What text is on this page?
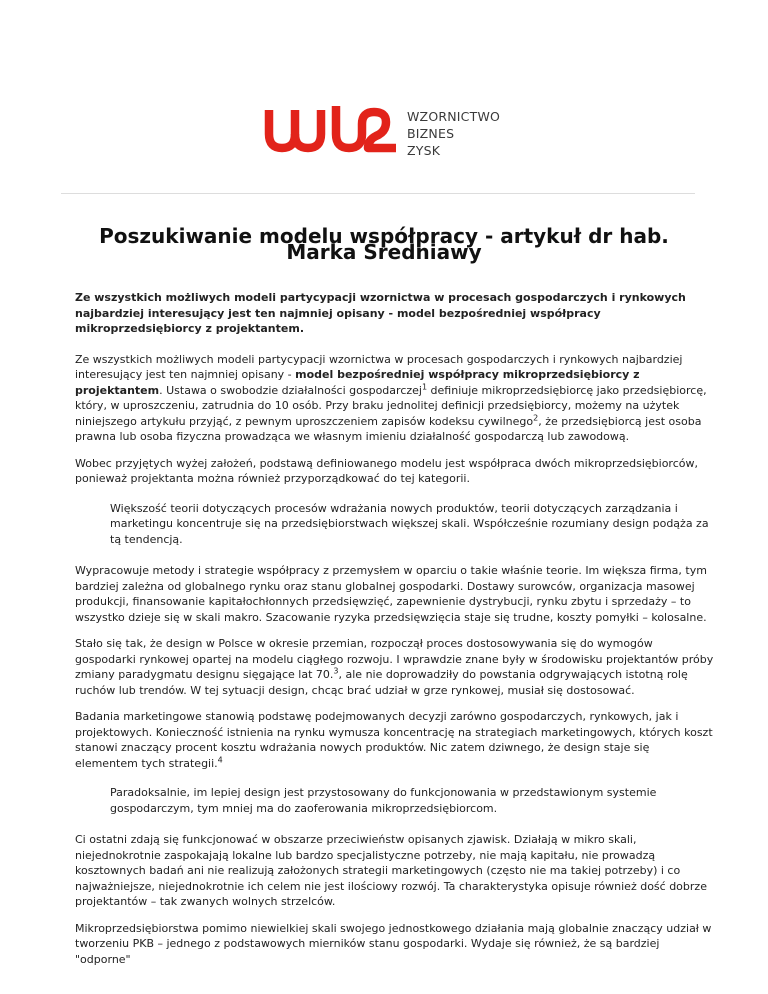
WZORNICTWO
BIZNES
ZYSK
Poszukiwanie modelu współpracy - artykuł dr hab. Marka Średniawy

Ze wszystkich możliwych modeli partycypacji wzornictwa w procesach gospodarczych i rynkowych najbardziej interesujący jest ten najmniej opisany - model bezpośredniej współpracy mikroprzedsiębiorcy z projektantem.

Ze wszystkich możliwych modeli partycypacji wzornictwa w procesach gospodarczych i rynkowych najbardziej interesujący jest ten najmniej opisany - model bezpośredniej współpracy mikroprzedsiębiorcy z projektantem. Ustawa o swobodzie działalności gospodarczej$^1$ definiuje mikroprzedsiębiorcę jako przedsiębiorcę, który, w uproszczeniu, zatrudnia do 10 osób. Przy braku jednolitej definicji przedsiębiorcy, możemy na użytek niniejszego artykułu przyjąć, z pewnym uproszczeniem zapisów kodeksu cywilnego$^2$, że przedsiębiorcą jest osoba prawna lub osoba fizyczna prowadząca we własnym imieniu działalność gospodarczą lub zawodową.

Wobec przyjętych wyżej założeń, podstawą definiowanego modelu jest współpraca dwóch mikroprzedsiębiorców, ponieważ projektanta można również przyporządkować do tej kategorii.

Większość teorii dotyczących procesów wdrażania nowych produktów, teorii dotyczących zarządzania i marketingu koncentruje się na przedsiębiorstwach większej skali. Współcześnie rozumiany design podąża za tą tendencją.

Wypracowuje metody i strategie współpracy z przemysłem w oparciu o takie właśnie teorie. Im większa firma, tym bardziej zależna od globalnego rynku oraz stanu globalnej gospodarki. Dostawy surowców, organizacja masowej produkcji, finansowanie kapitałochłonnych przedsięwzięć, zapewnienie dystrybucji, rynku zbytu i sprzedaży – to wszystko dzieje się w skali makro. Szacowanie ryzyka przedsięwzięcia staje się trudne, koszty pomyłki – kolosalne.

Stało się tak, że design w Polsce w okresie przemian, rozpoczął proces dostosowywania się do wymogów gospodarki rynkowej opartej na modelu ciągłego rozwoju. I wprawdzie znane były w środowisku projektantów próby zmiany paradygmatu designu sięgające lat 70.$^3$, ale nie doprowadziły do powstania odgrywających istotną rolę ruchów lub trendów. W tej sytuacji design, chcąc brać udział w grze rynkowej, musiał się dostosować.

Badania marketingowe stanowią podstawę podejmowanych decyzji zarówno gospodarczych, rynkowych, jak i projektowych. Konieczność istnienia na rynku wymusza koncentrację na strategiach marketingowych, których koszt stanowi znaczący procent kosztu wdrażania nowych produktów. Nic zatem dziwnego, że design staje się elementem tych strategii.$^4$

Paradoksalnie, im lepiej design jest przystosowany do funkcjonowania w przedstawionym systemie gospodarczym, tym mniej ma do zaoferowania mikroprzedsiębiorcom.

Ci ostatni zdają się funkcjonować w obszarze przeciwieństw opisanych zjawisk. Działają w mikro skali, niejednokrotnie zaspokajają lokalne lub bardzo specjalistyczne potrzeby, nie mają kapitału, nie prowadzą kosztownych badań ani nie realizują założonych strategii marketingowych (często nie ma takiej potrzeby) i co najważniejsze, niejednokrotnie ich celem nie jest ilościowy rozwój. Ta charakterystyka opisuje również dość dobrze projektantów – tak zwanych wolnych strzelców.

Mikroprzedsiębiorstwa pomimo niewielkiej skali swojego jednostkowego działania mają globalnie znaczący udział w tworzeniu PKB – jednego z podstawowych mierników stanu gospodarki. Wydaje się również, że są bardziej "odporne"
